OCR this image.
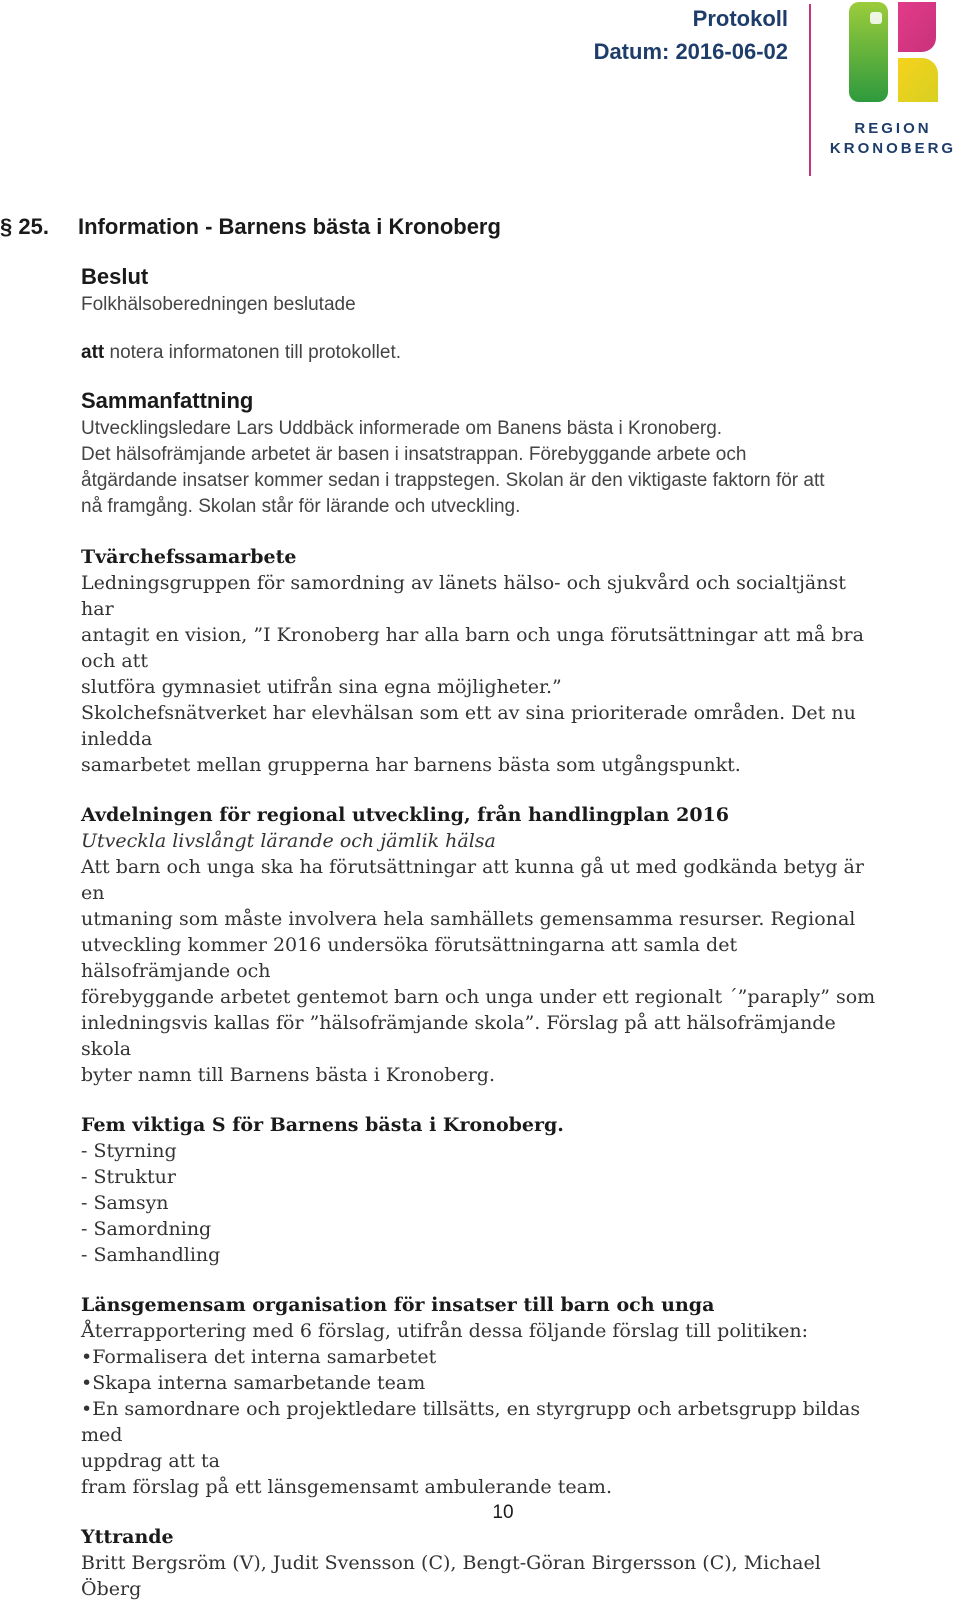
Protokoll
Datum: 2016-06-02
REGION
KRONOBERG
§ 25. Information - Barnens bästa i Kronoberg

Beslut

Folkhälsoberedningen beslutade

att notera informatonen till protokollet.

Sammanfattning

Utvecklingsledare Lars Uddbäck informerade om Banens bästa i Kronoberg.

Det hälsofrämjande arbetet är basen i insatstrappan. Förebyggande arbete och

åtgärdande insatser kommer sedan i trappstegen. Skolan är den viktigaste faktorn för att

nå framgång. Skolan står för lärande och utveckling.

Tvärchefssamarbete

Ledningsgruppen för samordning av länets hälso- och sjukvård och socialtjänst har

antagit en vision, ”I Kronoberg har alla barn och unga förutsättningar att må bra och att

slutföra gymnasiet utifrån sina egna möjligheter.”

Skolchefsnätverket har elevhälsan som ett av sina prioriterade områden. Det nu inledda

samarbetet mellan grupperna har barnens bästa som utgångspunkt.

Avdelningen för regional utveckling, från handlingplan 2016

Utveckla livslångt lärande och jämlik hälsa

Att barn och unga ska ha förutsättningar att kunna gå ut med godkända betyg är en

utmaning som måste involvera hela samhällets gemensamma resurser. Regional

utveckling kommer 2016 undersöka förutsättningarna att samla det hälsofrämjande och

förebyggande arbetet gentemot barn och unga under ett regionalt ´”paraply” som

inledningsvis kallas för ”hälsofrämjande skola”. Förslag på att hälsofrämjande skola

byter namn till Barnens bästa i Kronoberg.

Fem viktiga S för Barnens bästa i Kronoberg.

- Styrning

- Struktur

- Samsyn

- Samordning

- Samhandling

Länsgemensam organisation för insatser till barn och unga

Återrapportering med 6 förslag, utifrån dessa följande förslag till politiken:

•Formalisera det interna samarbetet

•Skapa interna samarbetande team

•En samordnare och projektledare tillsätts, en styrgrupp och arbetsgrupp bildas med

uppdrag att ta

fram förslag på ett länsgemensamt ambulerande team.

Yttrande

Britt Bergsröm (V), Judit Svensson (C), Bengt-Göran Birgersson (C), Michael Öberg

10
